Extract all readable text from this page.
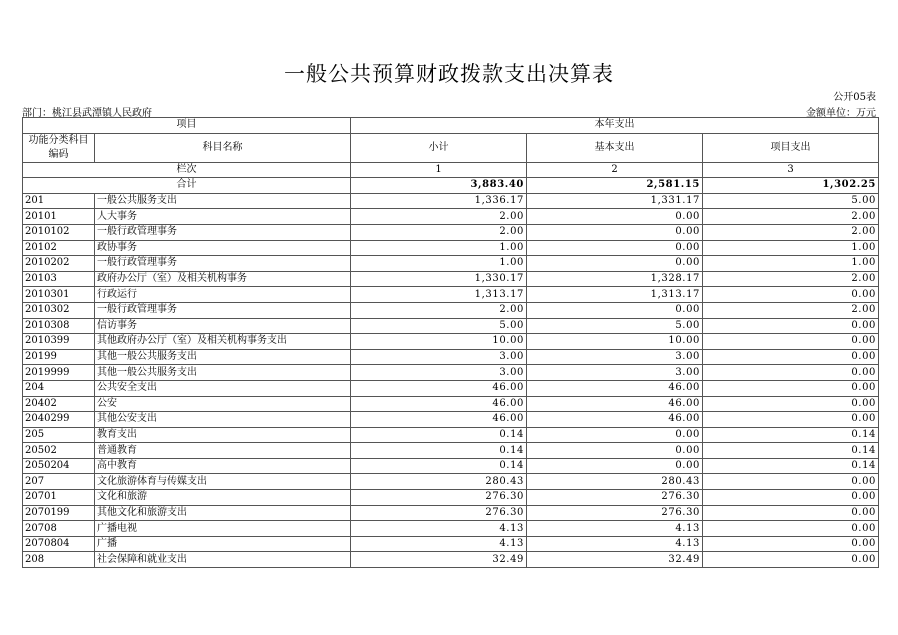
一般公共预算财政拨款支出决算表
公开05表
部门：桃江县武潭镇人民政府	金额单位：万元
项目		本年支出		
功能分类科目编码	科目名称	小计	基本支出	项目支出
栏次		1	2	3
合计		3,883.40	2,581.15	1,302.25
201	一般公共服务支出	1,336.17	1,331.17	5.00
20101	人大事务	2.00	0.00	2.00
2010102	一般行政管理事务	2.00	0.00	2.00
20102	政协事务	1.00	0.00	1.00
2010202	一般行政管理事务	1.00	0.00	1.00
20103	政府办公厅（室）及相关机构事务	1,330.17	1,328.17	2.00
2010301	行政运行	1,313.17	1,313.17	0.00
2010302	一般行政管理事务	2.00	0.00	2.00
2010308	信访事务	5.00	5.00	0.00
2010399	其他政府办公厅（室）及相关机构事务支出	10.00	10.00	0.00
20199	其他一般公共服务支出	3.00	3.00	0.00
2019999	其他一般公共服务支出	3.00	3.00	0.00
204	公共安全支出	46.00	46.00	0.00
20402	公安	46.00	46.00	0.00
2040299	其他公安支出	46.00	46.00	0.00
205	教育支出	0.14	0.00	0.14
20502	普通教育	0.14	0.00	0.14
2050204	高中教育	0.14	0.00	0.14
207	文化旅游体育与传媒支出	280.43	280.43	0.00
20701	文化和旅游	276.30	276.30	0.00
2070199	其他文化和旅游支出	276.30	276.30	0.00
20708	广播电视	4.13	4.13	0.00
2070804	广播	4.13	4.13	0.00
208	社会保障和就业支出	32.49	32.49	0.00
